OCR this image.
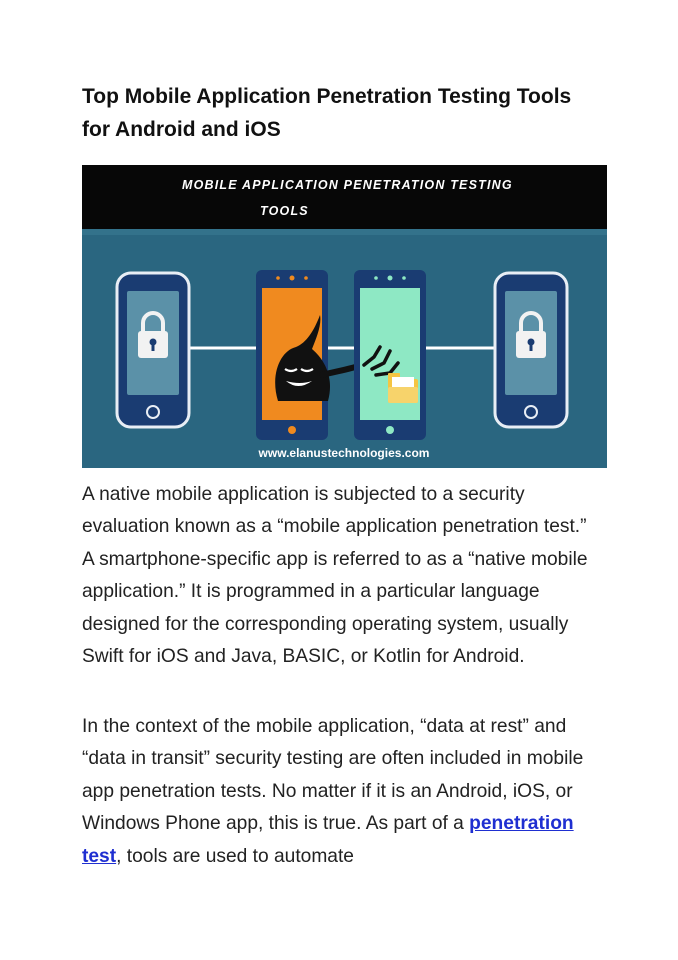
Top Mobile Application Penetration Testing Tools for Android and iOS
MOBILE APPLICATION PENETRATION TESTING
TOOLS
www.elanustechnologies.com

A native mobile application is subjected to a security evaluation known as a “mobile application penetration test.” A smartphone-specific app is referred to as a “native mobile application.” It is programmed in a particular language designed for the corresponding operating system, usually Swift for iOS and Java, BASIC, or Kotlin for Android.

In the context of the mobile application, “data at rest” and “data in transit” security testing are often included in mobile app penetration tests. No matter if it is an Android, iOS, or Windows Phone app, this is true. As part of a penetration test, tools are used to automate
